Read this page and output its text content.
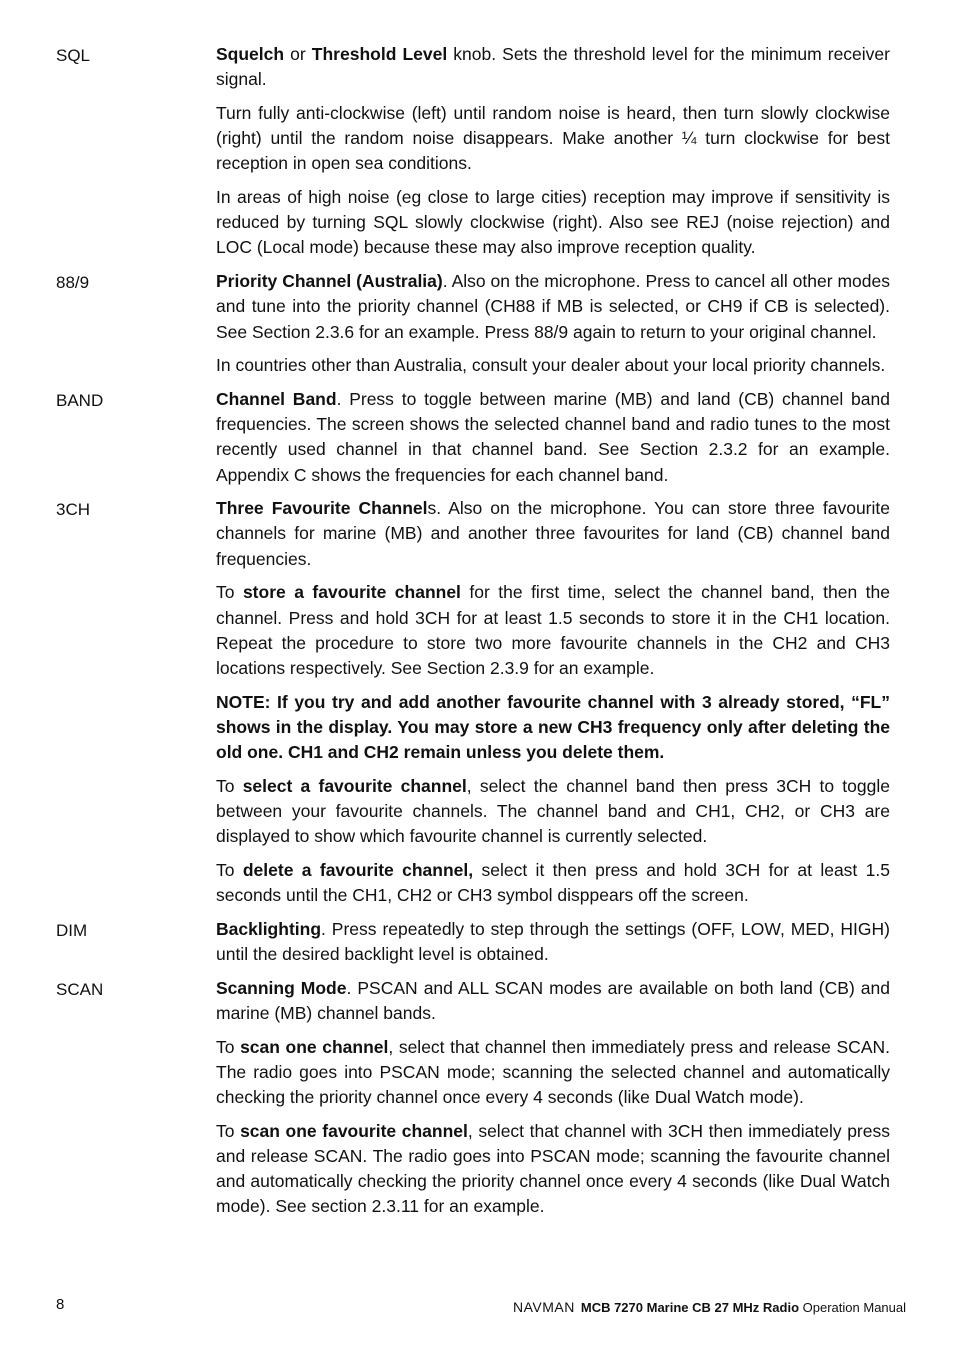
SQL	Squelch or Threshold Level knob. Sets the threshold level for the minimum receiver signal.

Turn fully anti-clockwise (left) until random noise is heard, then turn slowly clockwise (right) until the random noise disappears. Make another ¼ turn clockwise for best reception in open sea conditions.

In areas of high noise (eg close to large cities) reception may improve if sensitivity is reduced by turning SQL slowly clockwise (right). Also see REJ (noise rejection) and LOC (Local mode) because these may also improve reception quality.

88/9	Priority Channel (Australia). Also on the microphone. Press to cancel all other modes and tune into the priority channel (CH88 if MB is selected, or CH9 if CB is selected). See Section 2.3.6 for an example. Press 88/9 again to return to your original channel.

In countries other than Australia, consult your dealer about your local priority channels.

BAND	Channel Band. Press to toggle between marine (MB) and land (CB) channel band frequencies. The screen shows the selected channel band and radio tunes to the most recently used channel in that channel band. See Section 2.3.2 for an example. Appendix C shows the frequencies for each channel band.

3CH	Three Favourite Channels. Also on the microphone. You can store three favourite channels for marine (MB) and another three favourites for land (CB) channel band frequencies.

To store a favourite channel for the first time, select the channel band, then the channel. Press and hold 3CH for at least 1.5 seconds to store it in the CH1 location. Repeat the procedure to store two more favourite channels in the CH2 and CH3 locations respectively. See Section 2.3.9 for an example.

NOTE: If you try and add another favourite channel with 3 already stored, “FL” shows in the display. You may store a new CH3 frequency only after deleting the old one. CH1 and CH2 remain unless you delete them.

To select a favourite channel, select the channel band then press 3CH to toggle between your favourite channels. The channel band and CH1, CH2, or CH3 are displayed to show which favourite channel is currently selected.

To delete a favourite channel, select it then press and hold 3CH for at least 1.5 seconds until the CH1, CH2 or CH3 symbol disppears off the screen.

DIM	Backlighting. Press repeatedly to step through the settings (OFF, LOW, MED, HIGH) until the desired backlight level is obtained.

SCAN	Scanning Mode. PSCAN and ALL SCAN modes are available on both land (CB) and marine (MB) channel bands.

To scan one channel, select that channel then immediately press and release SCAN. The radio goes into PSCAN mode; scanning the selected channel and automatically checking the priority channel once every 4 seconds (like Dual Watch mode).

To scan one favourite channel, select that channel with 3CH then immediately press and release SCAN. The radio goes into PSCAN mode; scanning the favourite channel and automatically checking the priority channel once every 4 seconds (like Dual Watch mode). See section 2.3.11 for an example.

8	NAVMAN MCB 7270 Marine CB 27 MHz Radio Operation Manual
